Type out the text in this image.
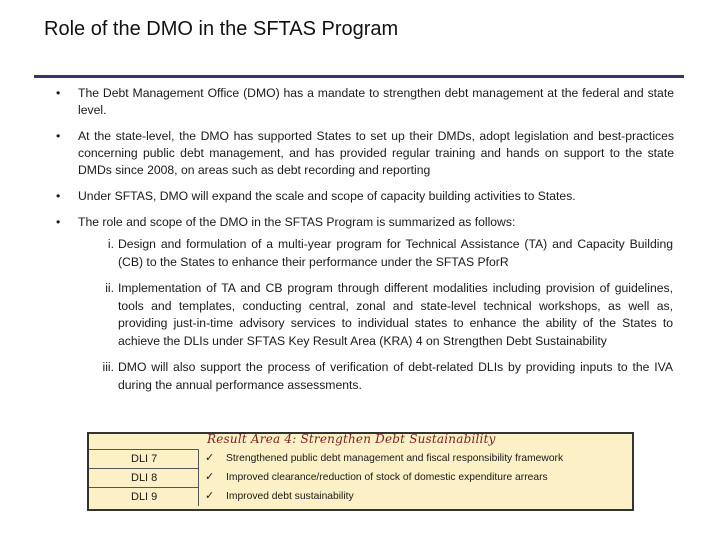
Role of the DMO in the SFTAS Program
• The Debt Management Office (DMO) has a mandate to strengthen debt management at the federal and state level.
• At the state-level, the DMO has supported States to set up their DMDs, adopt legislation and best-practices concerning public debt management, and has provided regular training and hands on support to the state DMDs since 2008, on areas such as debt recording and reporting
• Under SFTAS, DMO will expand the scale and scope of capacity building activities to States.
• The role and scope of the DMO in the SFTAS Program is summarized as follows:
i. Design and formulation of a multi-year program for Technical Assistance (TA) and Capacity Building (CB) to the States to enhance their performance under the SFTAS PforR
ii. Implementation of TA and CB program through different modalities including provision of guidelines, tools and templates, conducting central, zonal and state-level technical workshops, as well as, providing just-in-time advisory services to individual states to enhance the ability of the States to achieve the DLIs under SFTAS Key Result Area (KRA) 4 on Strengthen Debt Sustainability
iii. DMO will also support the process of verification of debt-related DLIs by providing inputs to the IVA during the annual performance assessments.
Result Area 4: Strengthen Debt Sustainability
DLI 7	✓ Strengthened public debt management and fiscal responsibility framework
DLI 8	✓ Improved clearance/reduction of stock of domestic expenditure arrears
DLI 9	✓ Improved debt sustainability
